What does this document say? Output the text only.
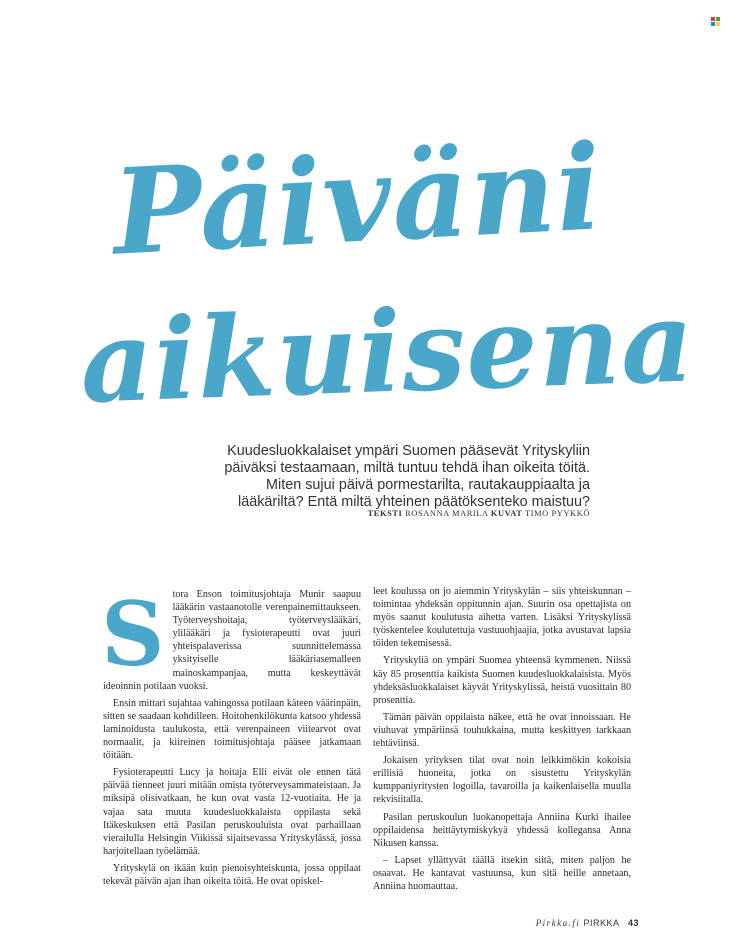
Päiväni
aikuisena

Kuudesluokkalaiset ympäri Suomen pääsevät Yrityskyliin

päiväksi testaamaan, miltä tuntuu tehdä ihan oikeita töitä.

Miten sujui päivä pormestarilta, rautakauppiaalta ja

lääkäriltä? Entä miltä yhteinen päätöksenteko maistuu?

TEKSTI ROSANNA MARILA KUVAT TIMO PYYKKÖ
S tora Enson toimitusjohtaja Munir saapuu lääkärin vastaanotolle verenpainemittaukseen. Työterveyshoitaja, työterveyslääkäri, ylilääkäri ja fysioterapeutti ovat juuri yhteispalaverissa suunnittelemassa yksityiselle lääkäriasemalleen mainoskampanjaa, mutta keskeyttävät ideoinnin potilaan vuoksi.

Ensin mittari sujahtaa vahingossa potilaan käteen väärinpäin, sitten se saadaan kohdilleen. Hoitohenkilökunta katsoo yhdessä laminoidusta taulukosta, että verenpaineen viitearvot ovat normaalit, ja kiireinen toimitusjohtaja pääsee jatkamaan töitään.

Fysioterapeutti Lucy ja hoitaja Elli eivät ole ennen tätä päivää tienneet juuri mitään omista työterveysammateistaan. Ja miksipä olisivatkaan, he kun ovat vasta 12-vuotiaita. He ja vajaa sata muuta kuudesluokkalaista oppilasta sekä Itäkeskuksen että Pasilan peruskouluista ovat parhaillaan vierailulla Helsingin Viikissä sijaitsevassa Yrityskylässä, jossa harjoitellaan työelämää.

Yrityskylä on ikään kuin pienoisyhteiskunta, jossa oppilaat tekevät päivän ajan ihan oikeita töitä. He ovat opiskel-

leet koulussa on jo aiemmin Yrityskylän – siis yhteiskunnan – toimintaa yhdeksän oppitunnin ajan. Suurin osa opettajista on myös saanut koulutusta aihetta varten. Lisäksi Yrityskylissä työskentelee koulutettuja vastuuohjaajia, jotka avustavat lapsia töiden tekemisessä.

Yrityskyliä on ympäri Suomea yhteensä kymmenen. Niissä käy 85 prosenttia kaikista Suomen kuudesluokkalaisista. Myös yhdeksäsluokkalaiset käyvät Yrityskylissä, heistä vuosittain 80 prosenttia.

Tämän päivän oppilaista näkee, että he ovat innoissaan. He viuhuvat ympäriinsä touhukkaina, mutta keskittyen tarkkaan tehtäviinsä.

Jokaisen yrityksen tilat ovat noin leikkimökin kokoisia erillisiä huoneita, jotka on sisustettu Yrityskylän kumppaniyritysten logoilla, tavaroilla ja kaikenlaisella muulla rekvisiitalla.

Pasilan peruskoulun luokanopettaja Anniina Kurki ihailee oppilaidensa heittäytymiskykyä yhdessä kollegansa Anna Nikusen kanssa.

– Lapset yllättyvät täällä itsekin siitä, miten paljon he osaavat. He kantavat vastuunsa, kun sitä heille annetaan, Anniina huomauttaa.

Pirkka.fi PIRKKA 43
